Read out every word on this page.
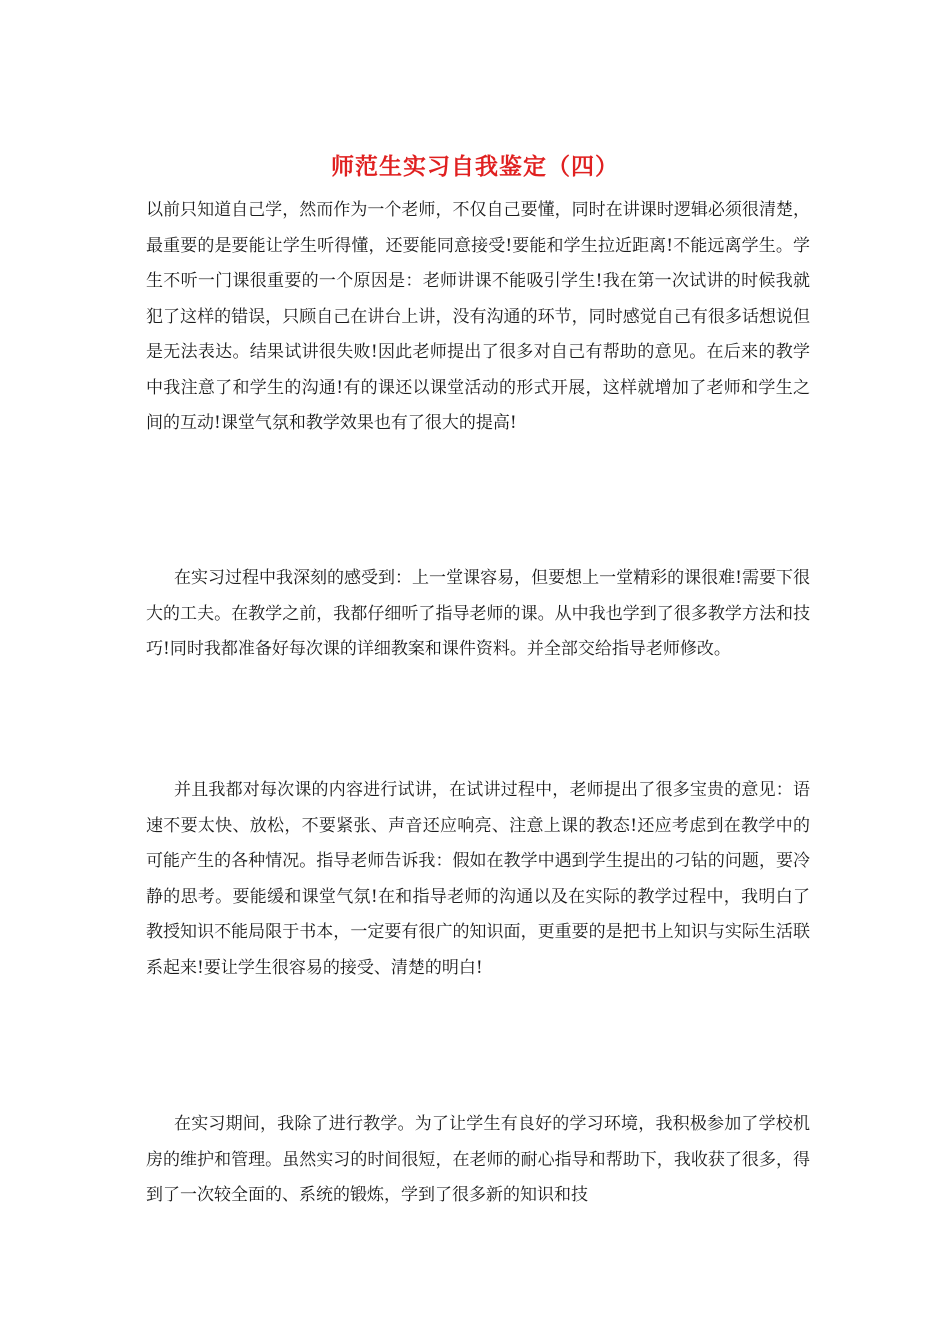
师范生实习自我鉴定（四）

以前只知道自己学，然而作为一个老师，不仅自己要懂，同时在讲课时逻辑必须很清楚，最重要的是要能让学生听得懂，还要能同意接受!要能和学生拉近距离!不能远离学生。学生不听一门课很重要的一个原因是：老师讲课不能吸引学生!我在第一次试讲的时候我就犯了这样的错误，只顾自己在讲台上讲，没有沟通的环节，同时感觉自己有很多话想说但是无法表达。结果试讲很失败!因此老师提出了很多对自己有帮助的意见。在后来的教学中我注意了和学生的沟通!有的课还以课堂活动的形式开展，这样就增加了老师和学生之间的互动!课堂气氛和教学效果也有了很大的提高!

在实习过程中我深刻的感受到：上一堂课容易，但要想上一堂精彩的课很难!需要下很大的工夫。在教学之前，我都仔细听了指导老师的课。从中我也学到了很多教学方法和技巧!同时我都准备好每次课的详细教案和课件资料。并全部交给指导老师修改。

并且我都对每次课的内容进行试讲，在试讲过程中，老师提出了很多宝贵的意见：语速不要太快、放松，不要紧张、声音还应响亮、注意上课的教态!还应考虑到在教学中的可能产生的各种情况。指导老师告诉我：假如在教学中遇到学生提出的刁钻的问题，要冷静的思考。要能缓和课堂气氛!在和指导老师的沟通以及在实际的教学过程中，我明白了教授知识不能局限于书本，一定要有很广的知识面，更重要的是把书上知识与实际生活联系起来!要让学生很容易的接受、清楚的明白!

在实习期间，我除了进行教学。为了让学生有良好的学习环境，我积极参加了学校机房的维护和管理。虽然实习的时间很短，在老师的耐心指导和帮助下，我收获了很多，得到了一次较全面的、系统的锻炼，学到了很多新的知识和技
